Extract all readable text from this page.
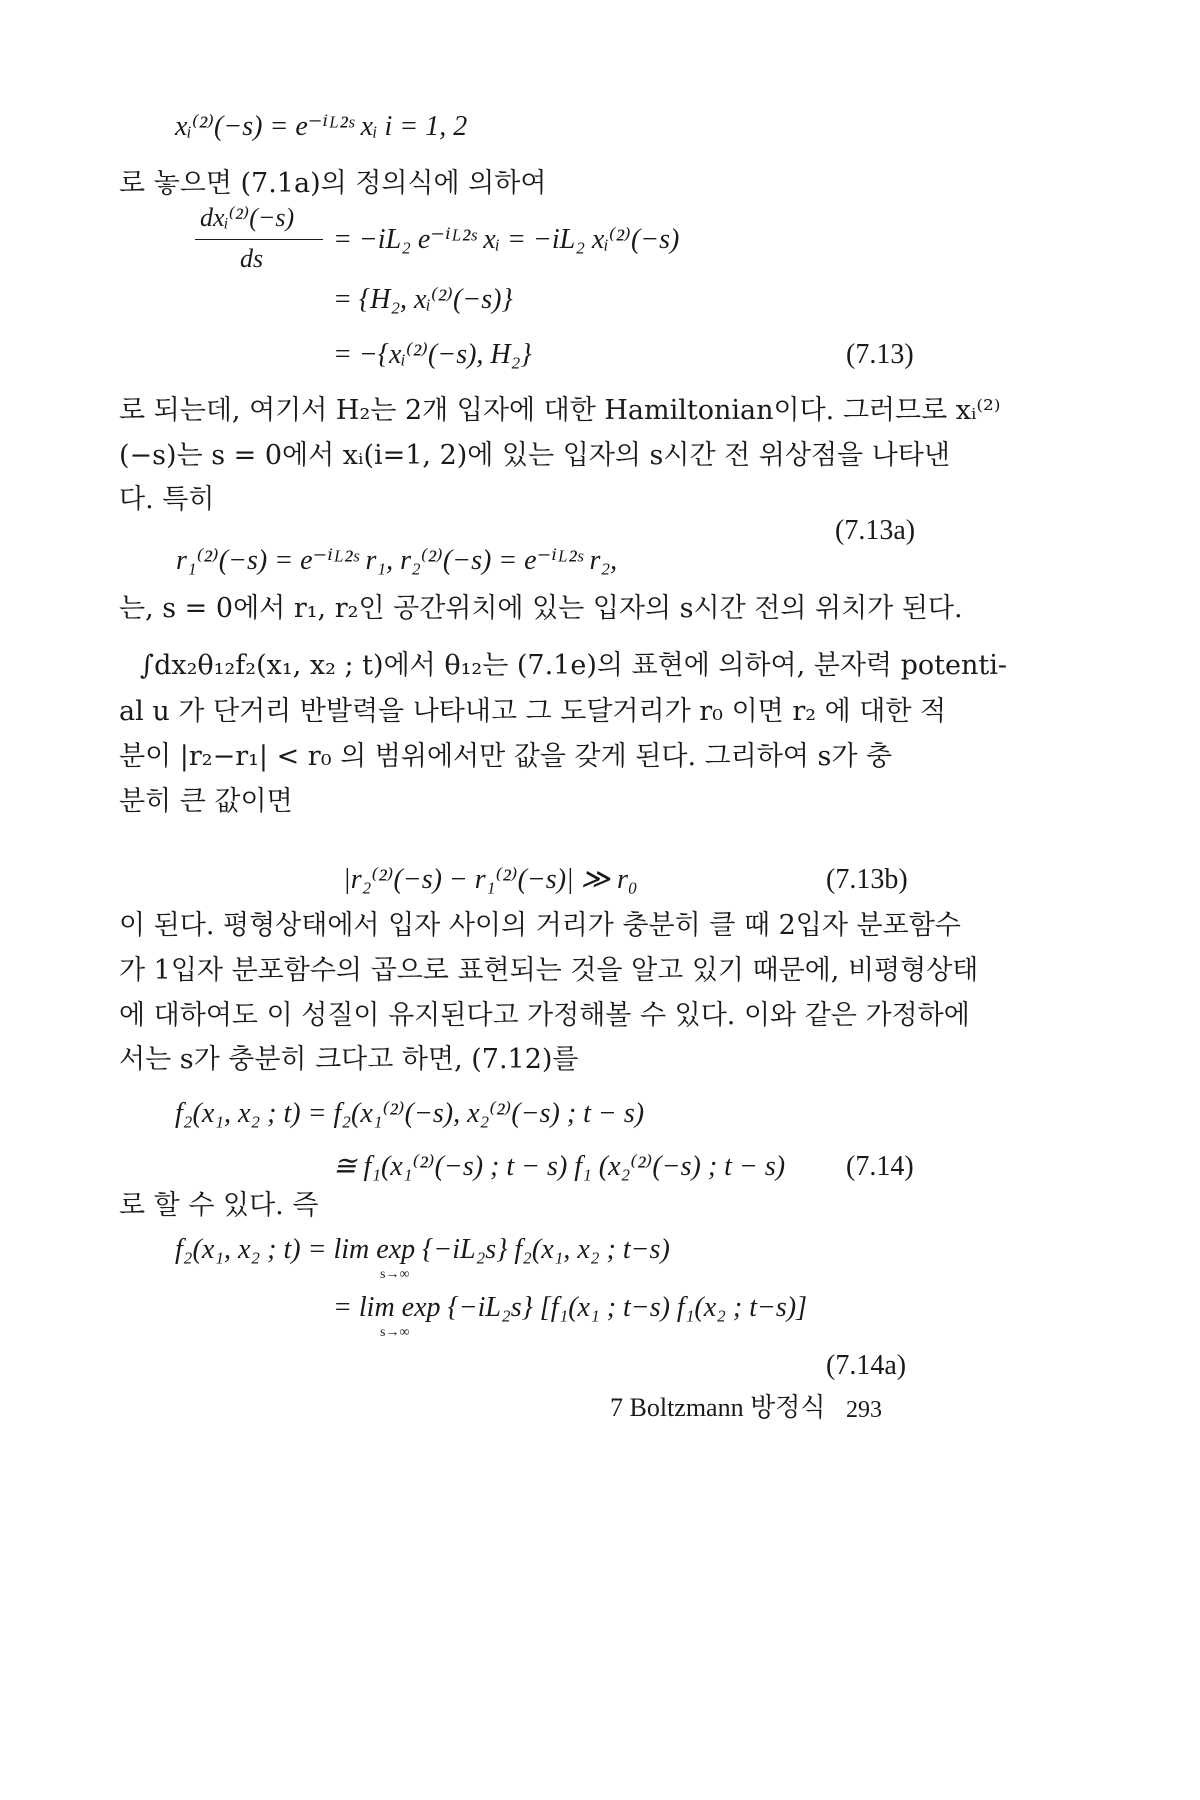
xᵢ⁽²⁾(−s) = e⁻ⁱᴸ²ˢ xᵢ i = 1, 2
로 놓으면 (7.1a)의 정의식에 의하여
dxᵢ⁽²⁾(−s)
ds
= −iL₂ e⁻ⁱᴸ²ˢ xᵢ = −iL₂ xᵢ⁽²⁾(−s)
= {H₂, xᵢ⁽²⁾(−s)}
= −{xᵢ⁽²⁾(−s), H₂}	(7.13)
로 되는데, 여기서 H₂는 2개 입자에 대한 Hamiltonian이다. 그러므로 xᵢ⁽²⁾
(−s)는 s = 0에서 xᵢ(i=1, 2)에 있는 입자의 s시간 전 위상점을 나타낸
다. 특히
(7.13a)
r₁⁽²⁾(−s) = e⁻ⁱᴸ²ˢ r₁, r₂⁽²⁾(−s) = e⁻ⁱᴸ²ˢ r₂,
는, s = 0에서 r₁, r₂인 공간위치에 있는 입자의 s시간 전의 위치가 된다.
∫dx₂θ₁₂f₂(x₁, x₂ ; t)에서 θ₁₂는 (7.1e)의 표현에 의하여, 분자력 potenti-
al u 가 단거리 반발력을 나타내고 그 도달거리가 r₀ 이면 r₂ 에 대한 적
분이 |r₂−r₁| < r₀ 의 범위에서만 값을 갖게 된다. 그리하여 s가 충
분히 큰 값이면
|r₂⁽²⁾(−s) − r₁⁽²⁾(−s)| ≫ r₀	(7.13b)
이 된다. 평형상태에서 입자 사이의 거리가 충분히 클 때 2입자 분포함수
가 1입자 분포함수의 곱으로 표현되는 것을 알고 있기 때문에, 비평형상태
에 대하여도 이 성질이 유지된다고 가정해볼 수 있다. 이와 같은 가정하에
서는 s가 충분히 크다고 하면, (7.12)를
f₂(x₁, x₂ ; t) = f₂(x₁⁽²⁾(−s), x₂⁽²⁾(−s) ; t − s)
≅ f₁(x₁⁽²⁾(−s) ; t − s) f₁ (x₂⁽²⁾(−s) ; t − s) (7.14)
로 할 수 있다. 즉
f₂(x₁, x₂ ; t) = lim exp {−iL₂s} f₂(x₁, x₂ ; t−s)
s→∞
= lim exp {−iL₂s} [f₁(x₁ ; t−s) f₁(x₂ ; t−s)]
s→∞
(7.14a)
7 Boltzmann 방정식 293
